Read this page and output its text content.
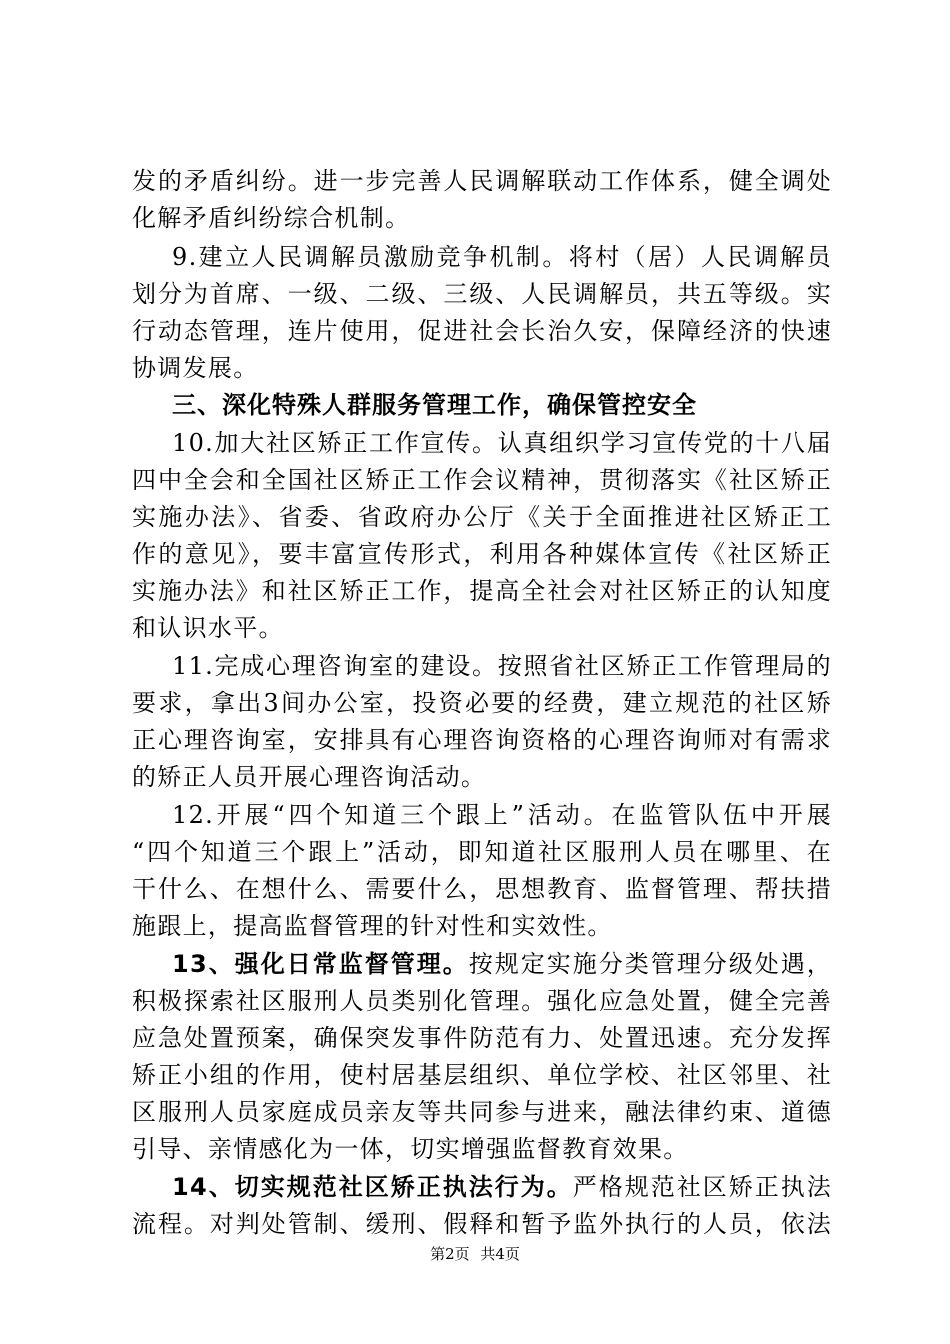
发的矛盾纠纷。进一步完善人民调解联动工作体系，健全调处
化解矛盾纠纷综合机制。
9.建立人民调解员激励竞争机制。将村（居）人民调解员
划分为首席、一级、二级、三级、人民调解员，共五等级。实
行动态管理，连片使用，促进社会长治久安，保障经济的快速
协调发展。
三、深化特殊人群服务管理工作，确保管控安全
10.加大社区矫正工作宣传。认真组织学习宣传党的十八届
四中全会和全国社区矫正工作会议精神，贯彻落实《社区矫正
实施办法》、省委、省政府办公厅《关于全面推进社区矫正工
作的意见》，要丰富宣传形式，利用各种媒体宣传《社区矫正
实施办法》和社区矫正工作，提高全社会对社区矫正的认知度
和认识水平。
11.完成心理咨询室的建设。按照省社区矫正工作管理局的
要求，拿出3间办公室，投资必要的经费，建立规范的社区矫
正心理咨询室，安排具有心理咨询资格的心理咨询师对有需求
的矫正人员开展心理咨询活动。
12.开展“四个知道三个跟上”活动。在监管队伍中开展
“四个知道三个跟上”活动，即知道社区服刑人员在哪里、在
干什么、在想什么、需要什么，思想教育、监督管理、帮扶措
施跟上，提高监督管理的针对性和实效性。
13、强化日常监督管理。按规定实施分类管理分级处遇，
积极探索社区服刑人员类别化管理。强化应急处置，健全完善
应急处置预案，确保突发事件防范有力、处置迅速。充分发挥
矫正小组的作用，使村居基层组织、单位学校、社区邻里、社
区服刑人员家庭成员亲友等共同参与进来，融法律约束、道德
引导、亲情感化为一体，切实增强监督教育效果。
14、切实规范社区矫正执法行为。严格规范社区矫正执法
流程。对判处管制、缓刑、假释和暂予监外执行的人员，依法
第2页 共4页
